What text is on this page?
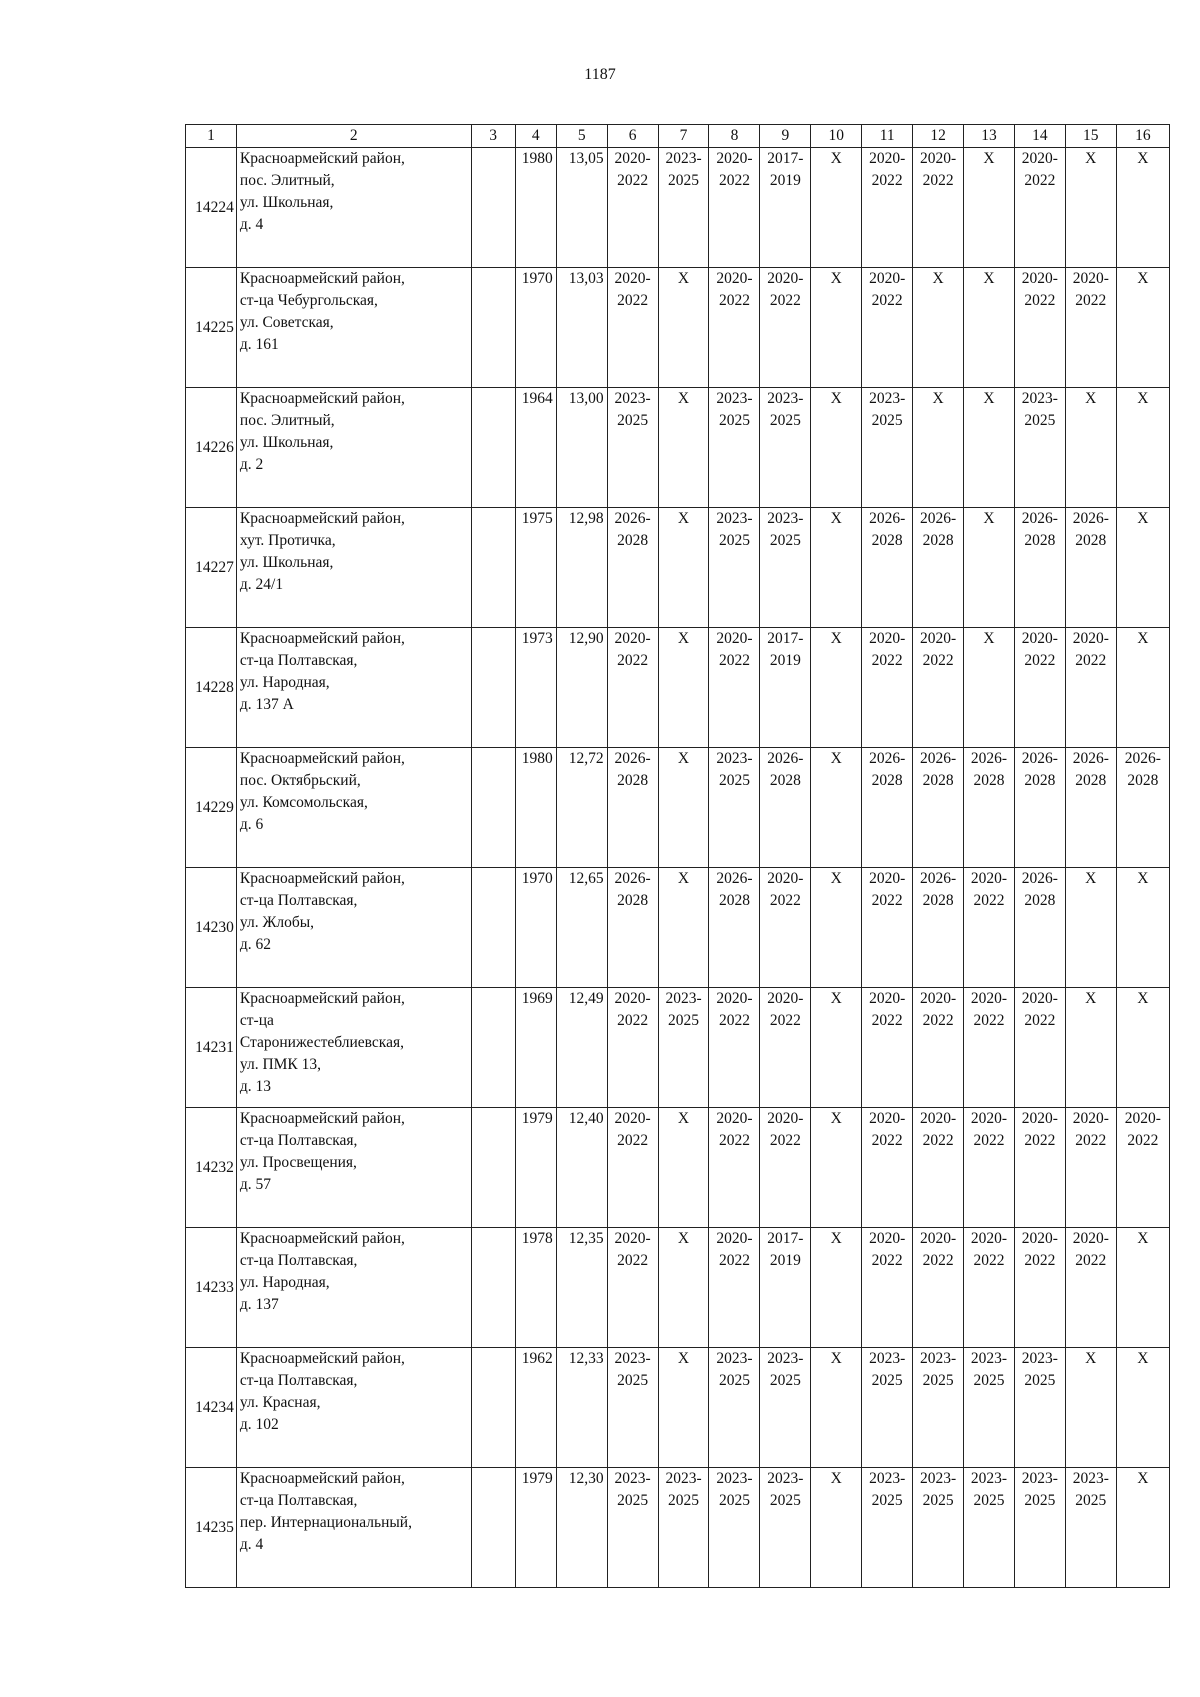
1187
1	2	3	4	5	6	7	8	9	10	11	12	13	14	15	16
14224	Красноармейский район,
пос. Элитный,
ул. Школьная,
д. 4		1980	13,05	2020-
2022	2023-
2025	2020-
2022	2017-
2019	X	2020-
2022	2020-
2022	X	2020-
2022	X	X
14225	Красноармейский район,
ст-ца Чебургольская,
ул. Советская,
д. 161		1970	13,03	2020-
2022	X	2020-
2022	2020-
2022	X	2020-
2022	X	X	2020-
2022	2020-
2022	X
14226	Красноармейский район,
пос. Элитный,
ул. Школьная,
д. 2		1964	13,00	2023-
2025	X	2023-
2025	2023-
2025	X	2023-
2025	X	X	2023-
2025	X	X
14227	Красноармейский район,
хут. Протичка,
ул. Школьная,
д. 24/1		1975	12,98	2026-
2028	X	2023-
2025	2023-
2025	X	2026-
2028	2026-
2028	X	2026-
2028	2026-
2028	X
14228	Красноармейский район,
ст-ца Полтавская,
ул. Народная,
д. 137 А		1973	12,90	2020-
2022	X	2020-
2022	2017-
2019	X	2020-
2022	2020-
2022	X	2020-
2022	2020-
2022	X
14229	Красноармейский район,
пос. Октябрьский,
ул. Комсомольская,
д. 6		1980	12,72	2026-
2028	X	2023-
2025	2026-
2028	X	2026-
2028	2026-
2028	2026-
2028	2026-
2028	2026-
2028	2026-
2028
14230	Красноармейский район,
ст-ца Полтавская,
ул. Жлобы,
д. 62		1970	12,65	2026-
2028	X	2026-
2028	2020-
2022	X	2020-
2022	2026-
2028	2020-
2022	2026-
2028	X	X
14231	Красноармейский район,
ст-ца
Старонижестеблиевская,
ул. ПМК 13,
д. 13		1969	12,49	2020-
2022	2023-
2025	2020-
2022	2020-
2022	X	2020-
2022	2020-
2022	2020-
2022	2020-
2022	X	X
14232	Красноармейский район,
ст-ца Полтавская,
ул. Просвещения,
д. 57		1979	12,40	2020-
2022	X	2020-
2022	2020-
2022	X	2020-
2022	2020-
2022	2020-
2022	2020-
2022	2020-
2022	2020-
2022
14233	Красноармейский район,
ст-ца Полтавская,
ул. Народная,
д. 137		1978	12,35	2020-
2022	X	2020-
2022	2017-
2019	X	2020-
2022	2020-
2022	2020-
2022	2020-
2022	2020-
2022	X
14234	Красноармейский район,
ст-ца Полтавская,
ул. Красная,
д. 102		1962	12,33	2023-
2025	X	2023-
2025	2023-
2025	X	2023-
2025	2023-
2025	2023-
2025	2023-
2025	X	X
14235	Красноармейский район,
ст-ца Полтавская,
пер. Интернациональный,
д. 4		1979	12,30	2023-
2025	2023-
2025	2023-
2025	2023-
2025	X	2023-
2025	2023-
2025	2023-
2025	2023-
2025	2023-
2025	X
